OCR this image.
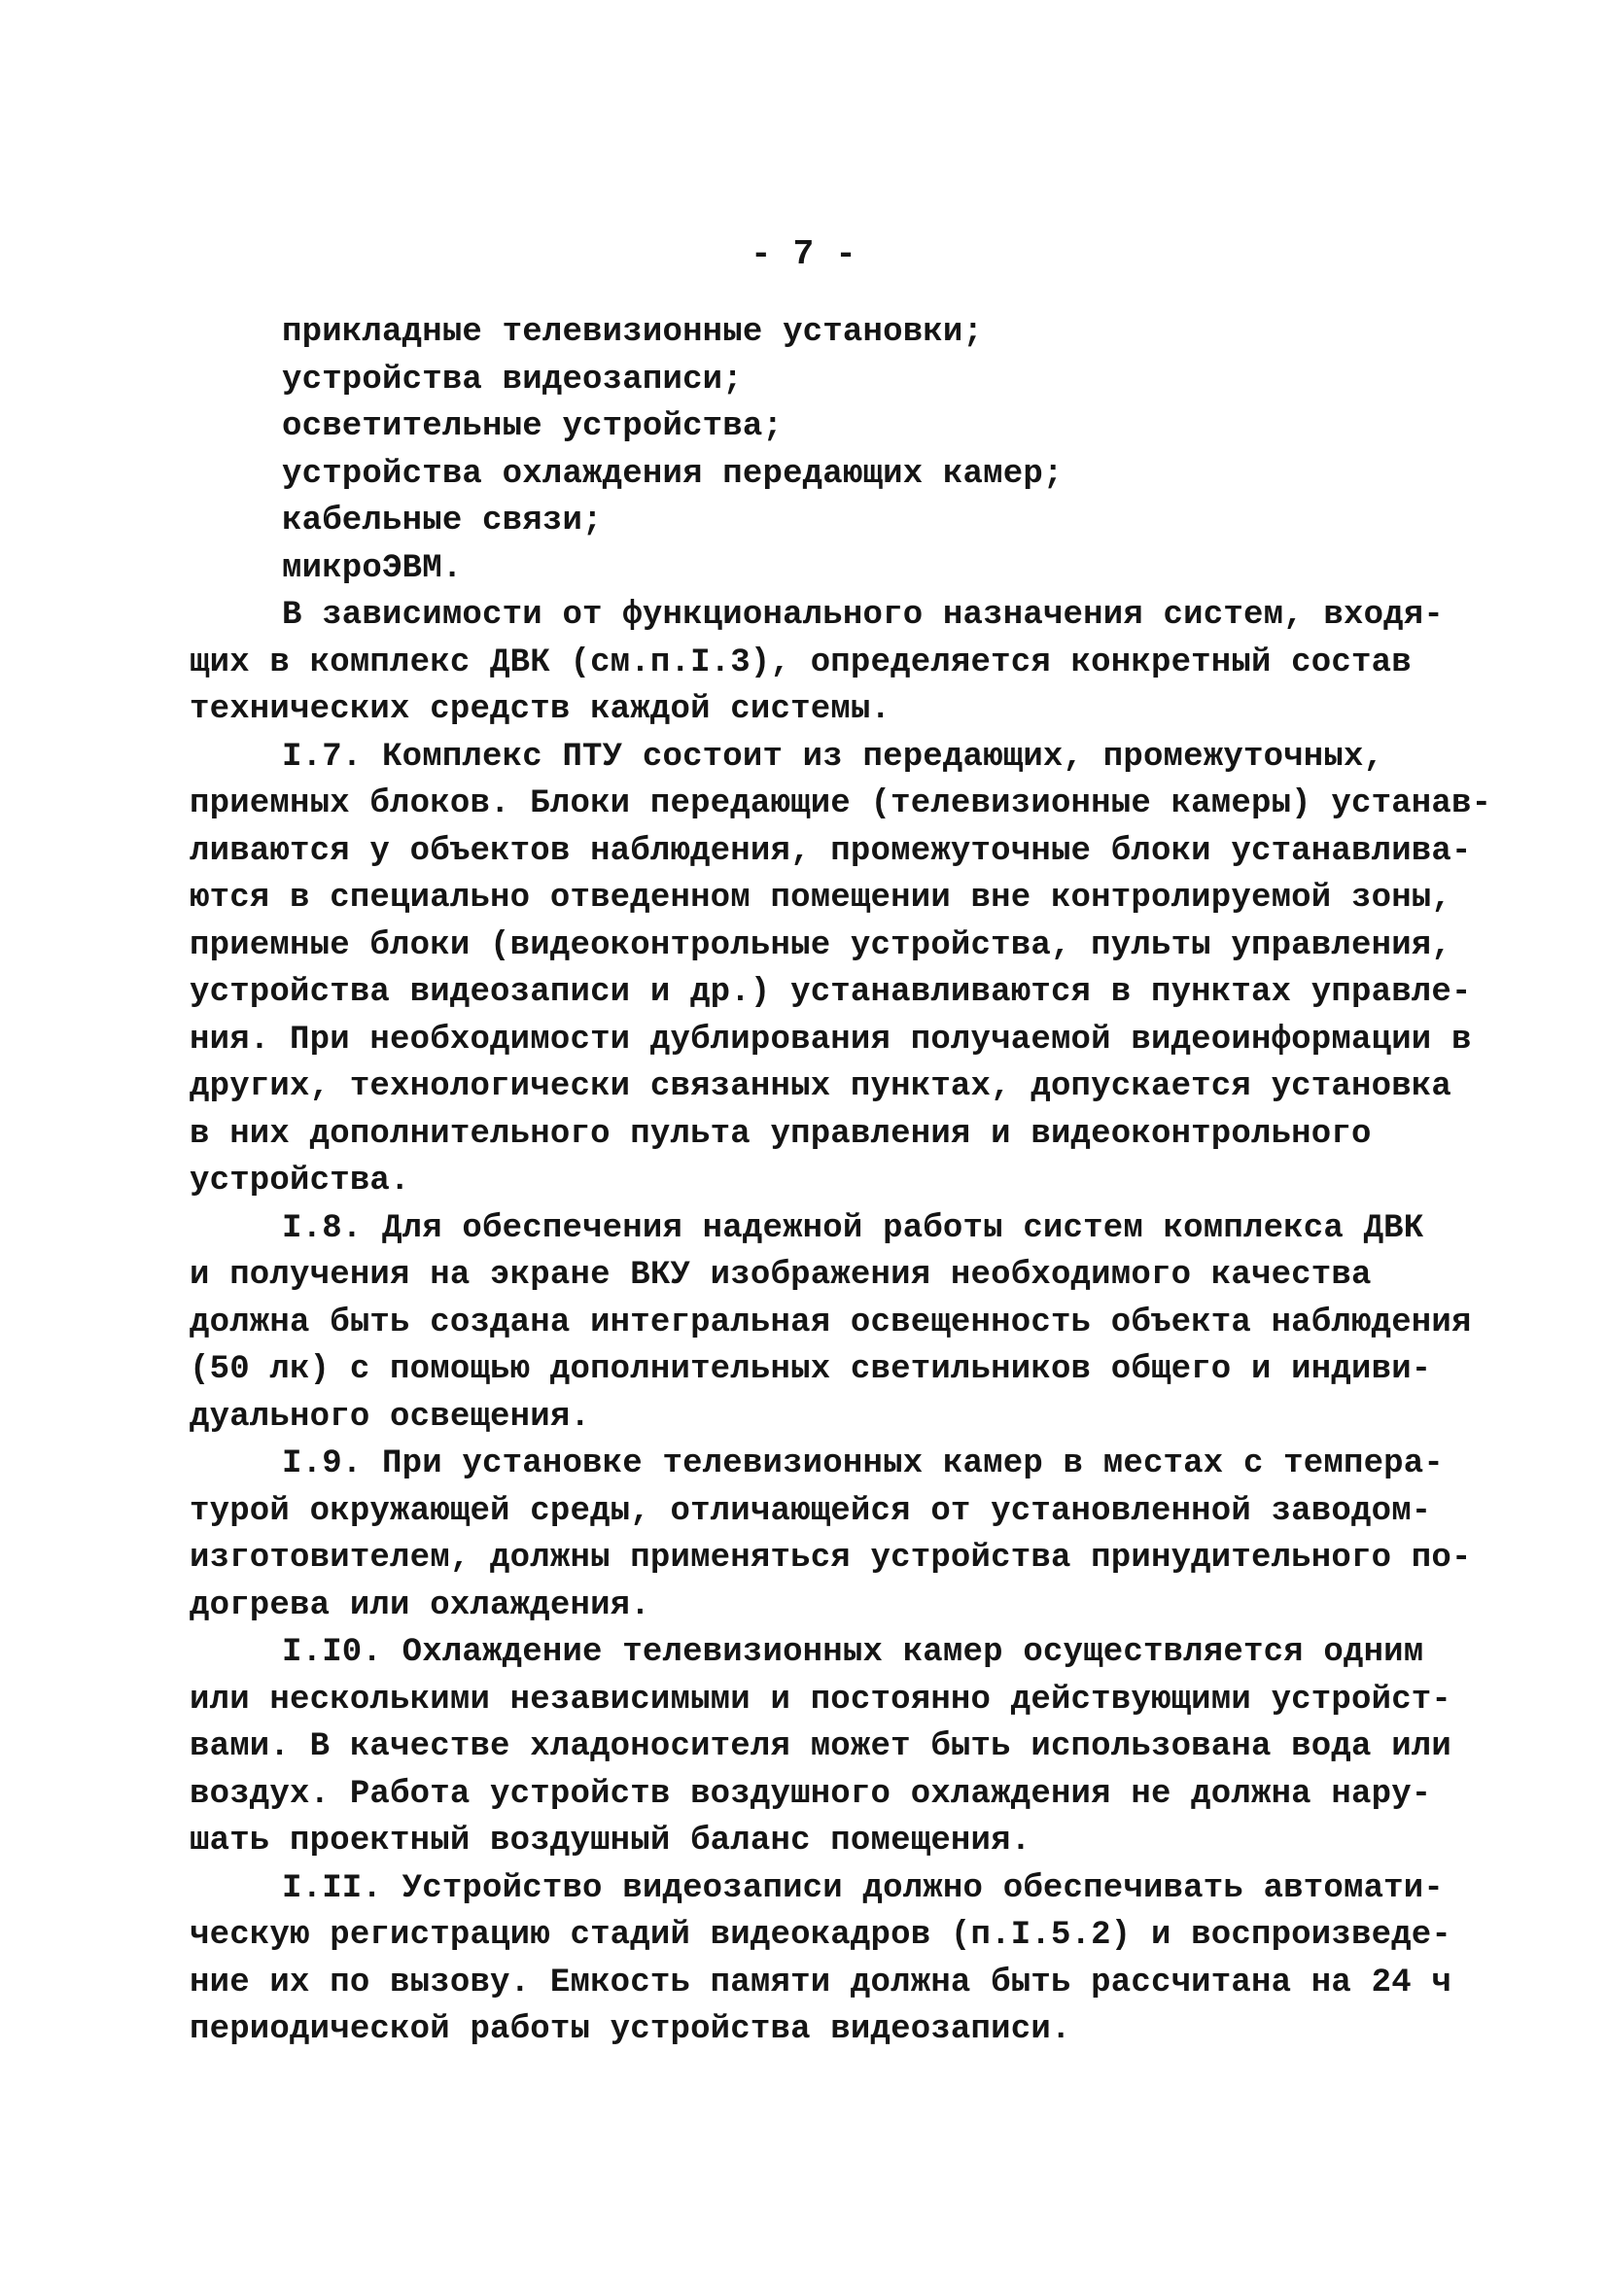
- 7 -
прикладные телевизионные установки;
устройства видеозаписи;
осветительные устройства;
устройства охлаждения передающих камер;
кабельные связи;
микроЭВМ.
В зависимости от функционального назначения систем, входя-
щих в комплекс ДВК (см.п.I.3), определяется конкретный состав
технических средств каждой системы.
I.7. Комплекс ПТУ состоит из передающих, промежуточных,
приемных блоков. Блоки передающие (телевизионные камеры) устанав-
ливаются у объектов наблюдения, промежуточные блоки устанавлива-
ются в специально отведенном помещении вне контролируемой зоны,
приемные блоки (видеоконтрольные устройства, пульты управления,
устройства видеозаписи и др.) устанавливаются в пунктах управле-
ния. При необходимости дублирования получаемой видеоинформации в
других, технологически связанных пунктах, допускается установка
в них дополнительного пульта управления и видеоконтрольного
устройства.
I.8. Для обеспечения надежной работы систем комплекса ДВК
и получения на экране ВКУ изображения необходимого качества
должна быть создана интегральная освещенность объекта наблюдения
(50 лк) с помощью дополнительных светильников общего и индиви-
дуального освещения.
I.9. При установке телевизионных камер в местах с темпера-
турой окружающей среды, отличающейся от установленной заводом-
изготовителем, должны применяться устройства принудительного по-
догрева или охлаждения.
I.I0. Охлаждение телевизионных камер осуществляется одним
или несколькими независимыми и постоянно действующими устройст-
вами. В качестве хладоносителя может быть использована вода или
воздух. Работа устройств воздушного охлаждения не должна нару-
шать проектный воздушный баланс помещения.
I.II. Устройство видеозаписи должно обеспечивать автомати-
ческую регистрацию стадий видеокадров (п.I.5.2) и воспроизведе-
ние их по вызову. Емкость памяти должна быть рассчитана на 24 ч
периодической работы устройства видеозаписи.
